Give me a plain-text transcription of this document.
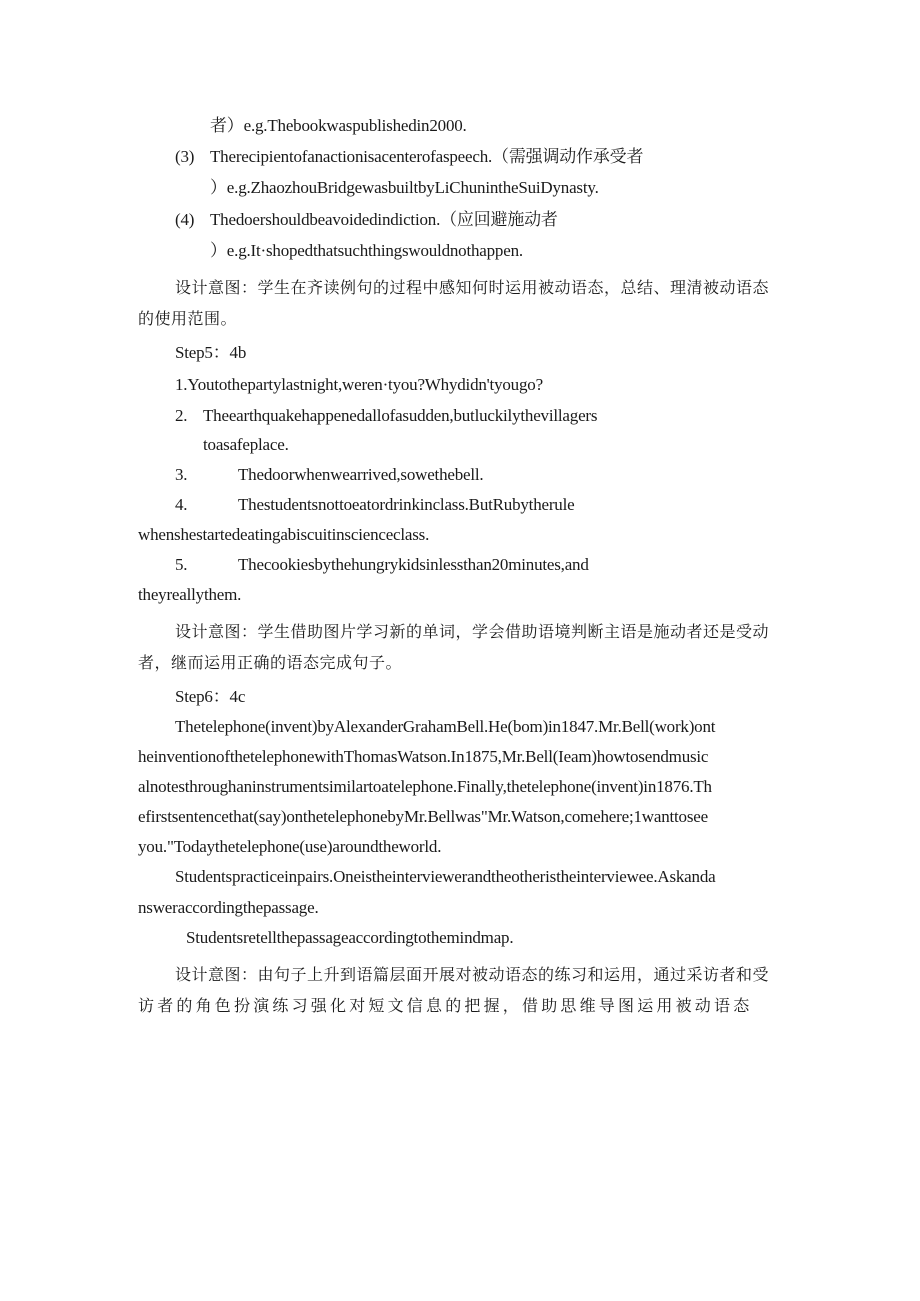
者）e.g.Thebookwaspublishedin2000.
(3) Therecipientofanactionisacenterofaspeech.（需强调动作承受者
）e.g.ZhaozhouBridgewasbuiltbyLiChunintheSuiDynasty.
(4) Thedoershouldbeavoidedindiction.（应回避施动者
）e.g.It·shopedthatsuchthingswouldnothappen.
设计意图：学生在齐读例句的过程中感知何时运用被动语态，总结、理清被动语态
的使用范围。
Step5：4b
1.Youtothepartylastnight,weren·tyou?Whydidn'tyougo?
2. Theearthquakehappenedallofasudden,butluckilythevillagers
toasafeplace.
3.	Thedoorwhenwearrived,sowethebell.
4.	Thestudentsnottoeatordrinkinclass.ButRubytherule
whenshestartedeatingabiscuitinscienceclass.
5.	Thecookiesbythehungrykidsinlessthan20minutes,and
theyreallythem.
设计意图：学生借助图片学习新的单词，学会借助语境判断主语是施动者还是受动
者，继而运用正确的语态完成句子。
Step6：4c
Thetelephone(invent)byAlexanderGrahamBell.He(bom)in1847.Mr.Bell(work)ont
heinventionofthetelephonewithThomasWatson.In1875,Mr.Bell(Ieam)howtosendmusic
alnotesthroughaninstrumentsimilartoatelephone.Finally,thetelephone(invent)in1876.Th
efirstsentencethat(say)onthetelephonebyMr.Bellwas"Mr.Watson,comehere;1wanttosee
you."Todaythetelephone(use)aroundtheworld.
Studentspracticeinpairs.Oneistheinterviewerandtheotheristheinterviewee.Askanda
nsweraccordingthepassage.
Studentsretellthepassageaccordingtothemindmap.
设计意图：由句子上升到语篇层面开展对被动语态的练习和运用，通过采访者和受
访者的角色扮演练习强化对短文信息的把握，借助思维导图运用被动语态
